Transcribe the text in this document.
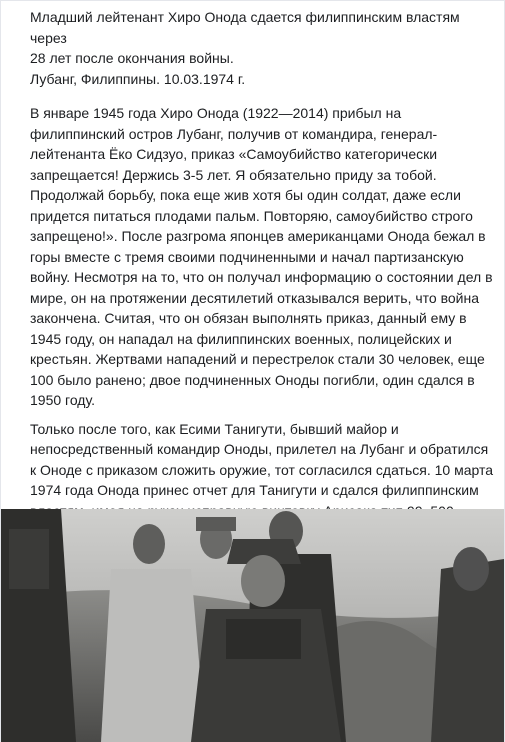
Младший лейтенант Хиро Онода сдается филиппинским властям через
28 лет после окончания войны.
Лубанг, Филиппины. 10.03.1974 г.

В январе 1945 года Хиро Онода (1922—2014) прибыл на филиппинский остров Лубанг, получив от командира, генерал-лейтенанта Ёко Сидзуо, приказ «Самоубийство категорически запрещается! Держись 3-5 лет. Я обязательно приду за тобой. Продолжай борьбу, пока еще жив хотя бы один солдат, даже если придется питаться плодами пальм. Повторяю, самоубийство строго запрещено!». После разгрома японцев американцами Онода бежал в горы вместе с тремя своими подчиненными и начал партизанскую войну. Несмотря на то, что он получал информацию о состоянии дел в мире, он на протяжении десятилетий отказывался верить, что война закончена. Считая, что он обязан выполнять приказ, данный ему в 1945 году, он нападал на филиппинских военных, полицейских и крестьян. Жертвами нападений и перестрелок стали 30 человек, еще 100 было ранено; двое подчиненных Оноды погибли, один сдался в 1950 году.

Только после того, как Есими Танигути, бывший майор и непосредственный командир Оноды, прилетел на Лубанг и обратился к Оноде с приказом сложить оружие, тот согласился сдаться. 10 марта 1974 года Онода принес отчет для Танигути и сдался филиппинским
